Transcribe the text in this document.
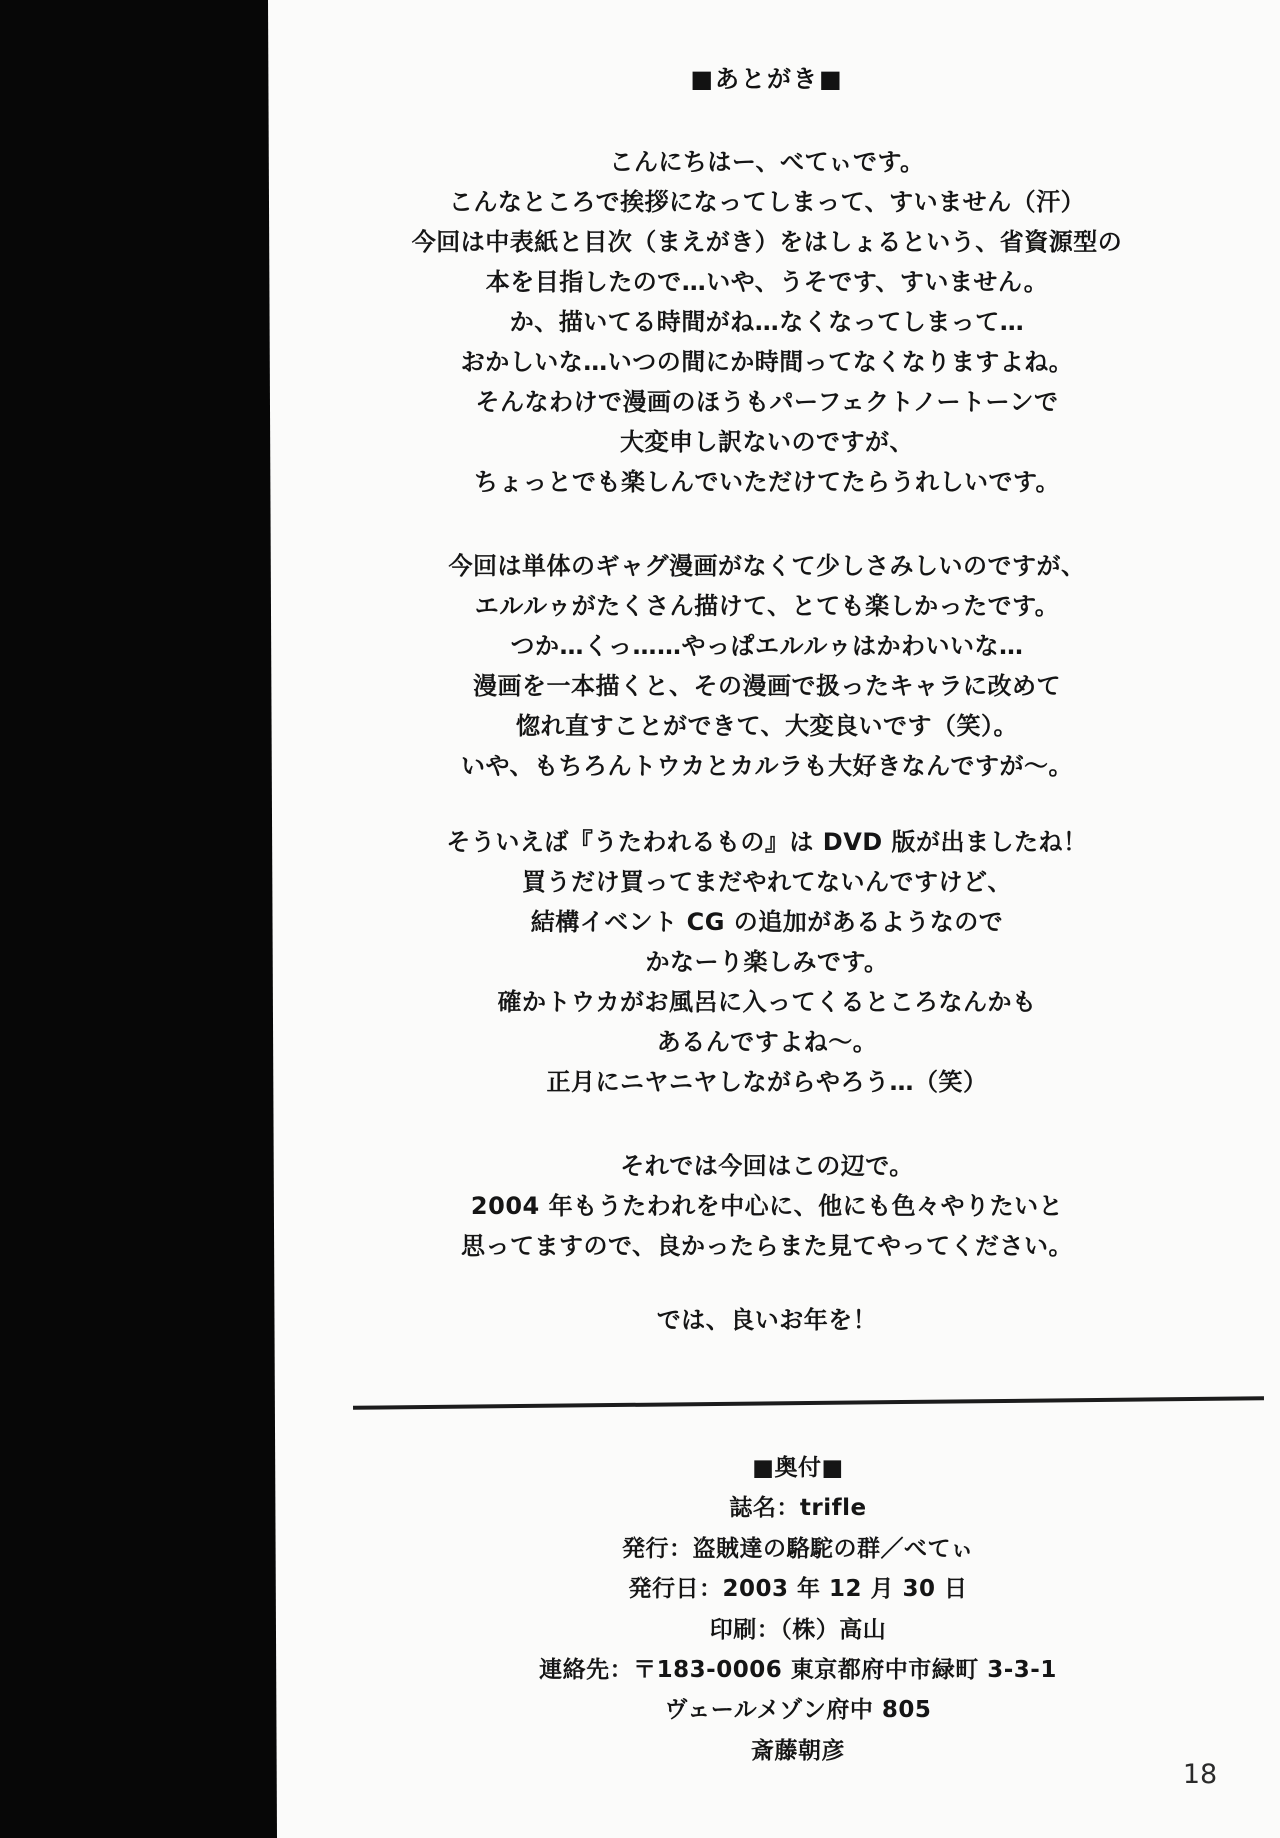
■あとがき■
こんにちはー、べてぃです。
こんなところで挨拶になってしまって、すいません（汗）
今回は中表紙と目次（まえがき）をはしょるという、省資源型の
本を目指したので…いや、うそです、すいません。
か、描いてる時間がね…なくなってしまって…
おかしいな…いつの間にか時間ってなくなりますよね。
そんなわけで漫画のほうもパーフェクトノートーンで
大変申し訳ないのですが、
ちょっとでも楽しんでいただけてたらうれしいです。
今回は単体のギャグ漫画がなくて少しさみしいのですが、
エルルゥがたくさん描けて、とても楽しかったです。
つか…くっ……やっぱエルルゥはかわいいな…
漫画を一本描くと、その漫画で扱ったキャラに改めて
惚れ直すことができて、大変良いです（笑）。
いや、もちろんトウカとカルラも大好きなんですが〜。
そういえば『うたわれるもの』は DVD 版が出ましたね！
買うだけ買ってまだやれてないんですけど、
結構イベント CG の追加があるようなので
かなーり楽しみです。
確かトウカがお風呂に入ってくるところなんかも
あるんですよね〜。
正月にニヤニヤしながらやろう…（笑）
それでは今回はこの辺で。
2004 年もうたわれを中心に、他にも色々やりたいと
思ってますので、良かったらまた見てやってください。
では、良いお年を！
■奥付■
誌名：trifle
発行：盗賊達の駱駝の群／べてぃ
発行日：2003 年 12 月 30 日
印刷：（株）高山
連絡先：〒183-0006 東京都府中市緑町 3-3-1
ヴェールメゾン府中 805
斎藤朝彦
18
